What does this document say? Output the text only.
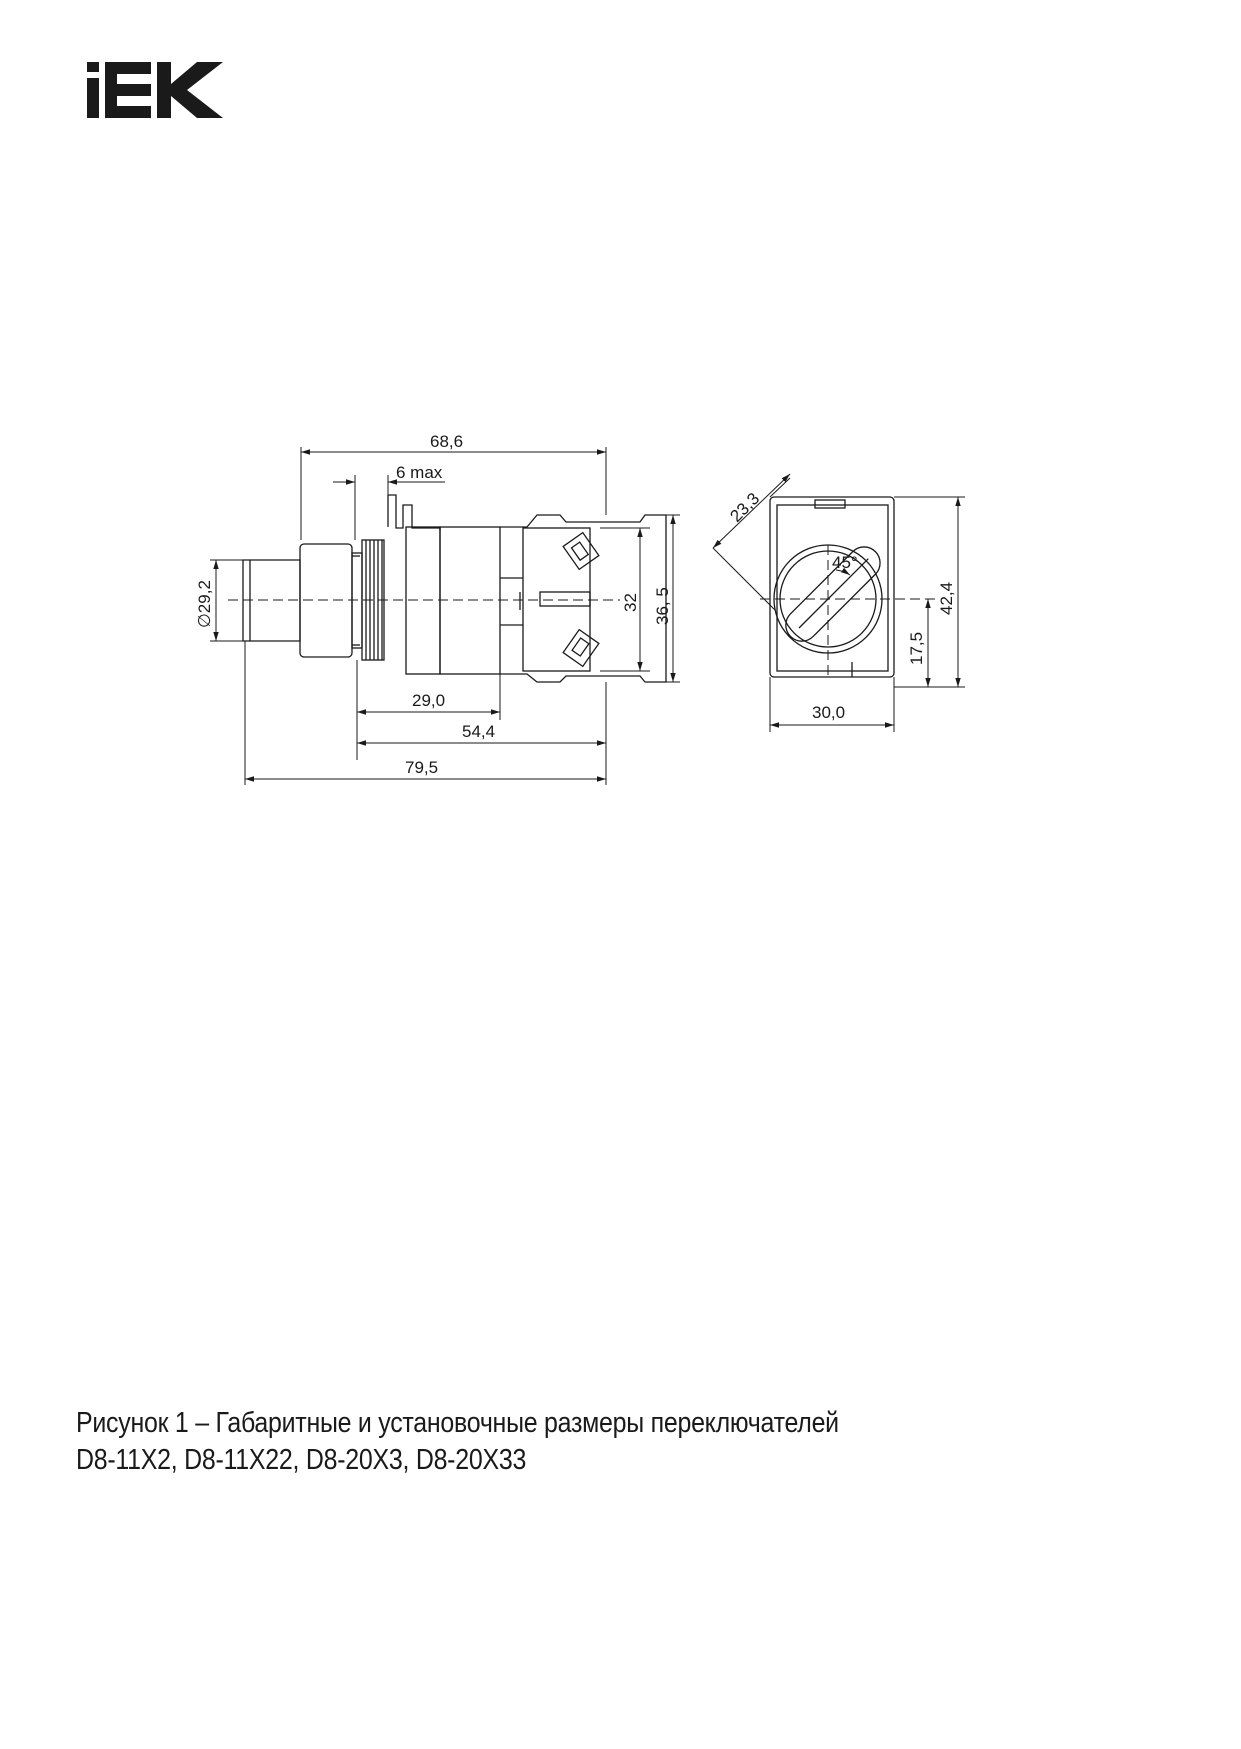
68,6
6 max
∅29,2	32 36, 5
29,0
54,4
79,5
23,3
45°
30,0
42,4
17,5
Рисунок 1 – Габаритные и установочные размеры переключателей
D8-11X2, D8-11X22, D8-20X3, D8-20X33
